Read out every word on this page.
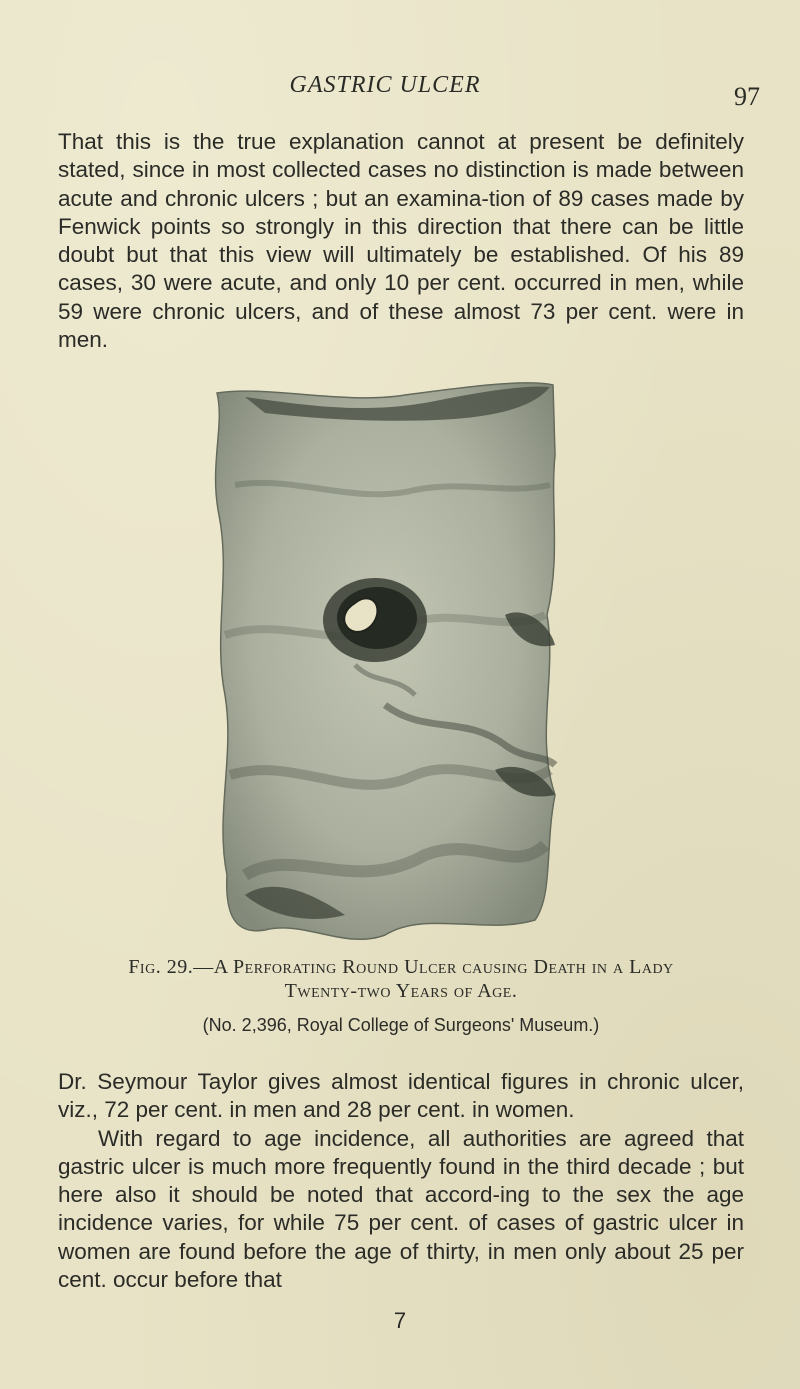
GASTRIC ULCER	97

That this is the true explanation cannot at present be definitely stated, since in most collected cases no distinction is made between acute and chronic ulcers ; but an examina-tion of 89 cases made by Fenwick points so strongly in this direction that there can be little doubt but that this view will ultimately be established. Of his 89 cases, 30 were acute, and only 10 per cent. occurred in men, while 59 were chronic ulcers, and of these almost 73 per cent. were in men.

Fig. 29.—A Perforating Round Ulcer causing Death in a Lady
Twenty-two Years of Age.
(No. 2,396, Royal College of Surgeons' Museum.)

Dr. Seymour Taylor gives almost identical figures in chronic ulcer, viz., 72 per cent. in men and 28 per cent. in women.

With regard to age incidence, all authorities are agreed that gastric ulcer is much more frequently found in the third decade ; but here also it should be noted that accord-ing to the sex the age incidence varies, for while 75 per cent. of cases of gastric ulcer in women are found before the age of thirty, in men only about 25 per cent. occur before that

7
